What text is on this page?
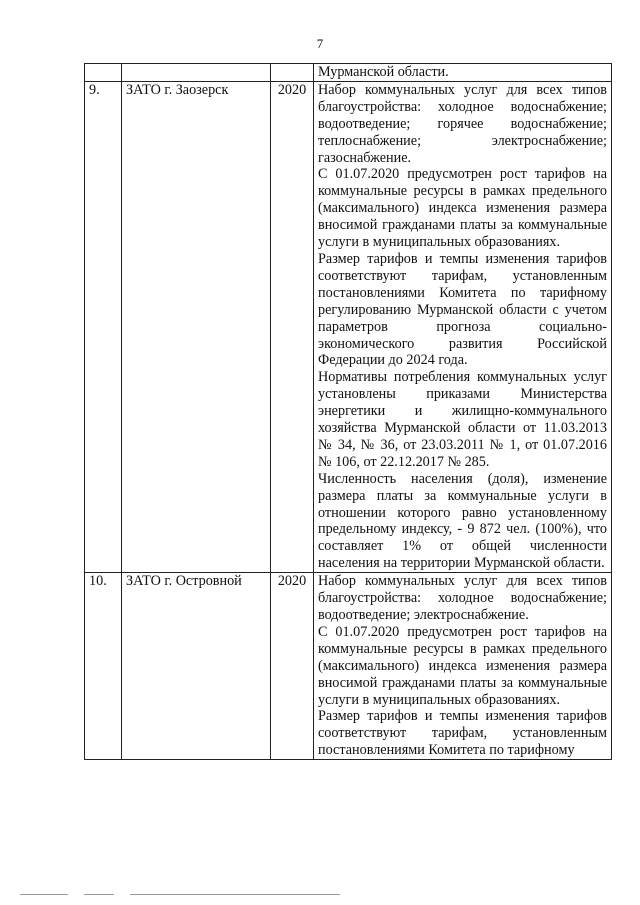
7

			Мурманской области.

9.	ЗАТО г. Заозерск	2020	Набор коммунальных услуг для всех типов благоустройства: холодное водоснабжение; водоотведение; горячее водоснабжение; теплоснабжение; электроснабжение; газоснабжение.

С 01.07.2020 предусмотрен рост тарифов на коммунальные ресурсы в рамках предельного (максимального) индекса изменения размера вносимой гражданами платы за коммунальные услуги в муниципальных образованиях.

Размер тарифов и темпы изменения тарифов соответствуют тарифам, установленным постановлениями Комитета по тарифному регулированию Мурманской области с учетом параметров прогноза социально-экономического развития Российской Федерации до 2024 года.

Нормативы потребления коммунальных услуг установлены приказами Министерства энергетики и жилищно-коммунального хозяйства Мурманской области от 11.03.2013 № 34, № 36, от 23.03.2011 № 1, от 01.07.2016 № 106, от 22.12.2017 № 285.

Численность населения (доля), изменение размера платы за коммунальные услуги в отношении которого равно установленному предельному индексу, - 9 872 чел. (100%), что составляет 1% от общей численности населения на территории Мурманской области.

10.	ЗАТО г. Островной	2020	Набор коммунальных услуг для всех типов благоустройства: холодное водоснабжение; водоотведение; электроснабжение.

С 01.07.2020 предусмотрен рост тарифов на коммунальные ресурсы в рамках предельного (максимального) индекса изменения размера вносимой гражданами платы за коммунальные услуги в муниципальных образованиях.

Размер тарифов и темпы изменения тарифов соответствуют тарифам, установленным постановлениями Комитета по тарифному
